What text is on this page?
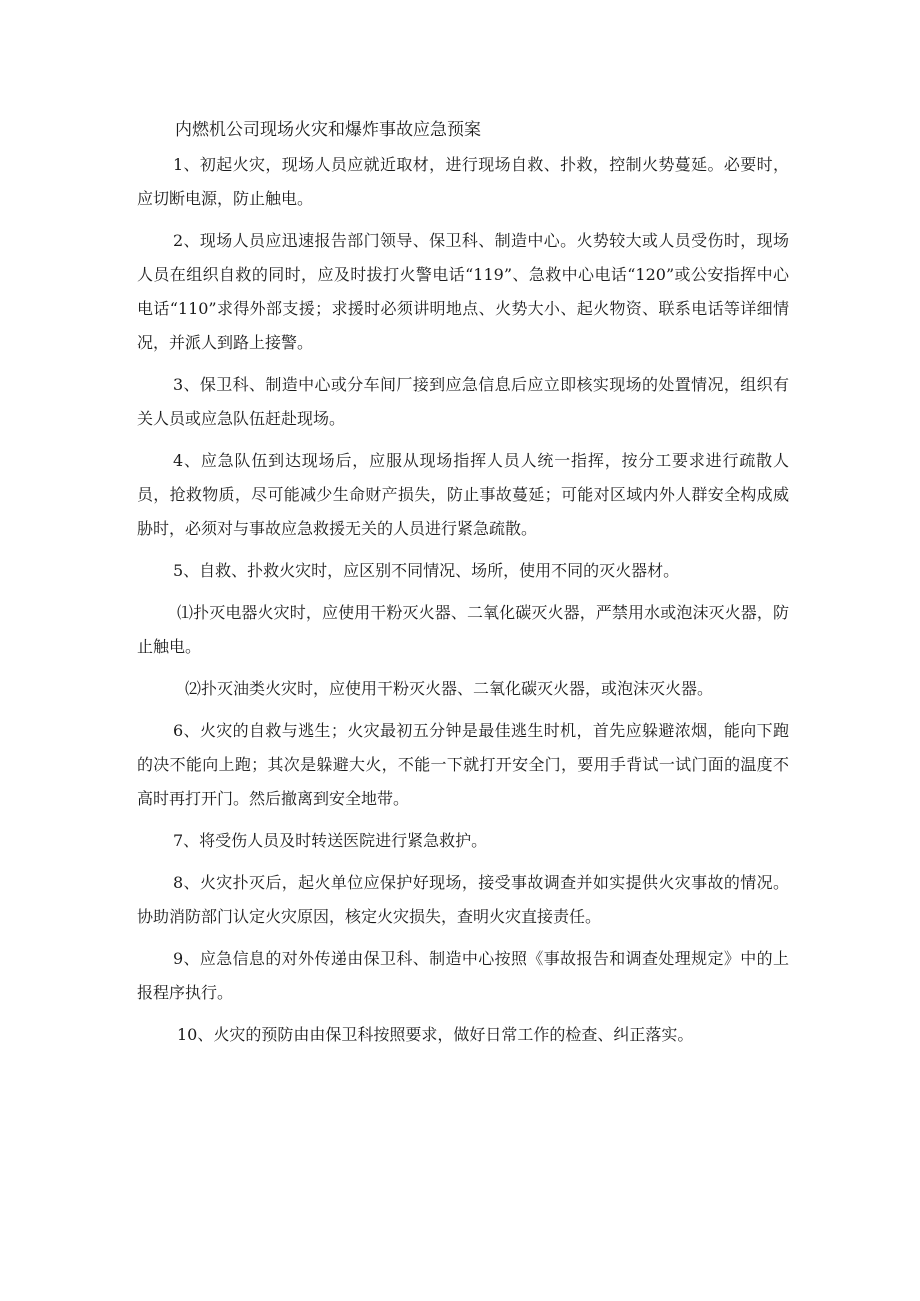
内燃机公司现场火灾和爆炸事故应急预案

1、初起火灾，现场人员应就近取材，进行现场自救、扑救，控制火势蔓延。必要时，应切断电源，防止触电。

2、现场人员应迅速报告部门领导、保卫科、制造中心。火势较大或人员受伤时，现场人员在组织自救的同时，应及时拔打火警电话“119”、急救中心电话“120”或公安指挥中心电话“110”求得外部支援；求援时必须讲明地点、火势大小、起火物资、联系电话等详细情况，并派人到路上接警。

3、保卫科、制造中心或分车间厂接到应急信息后应立即核实现场的处置情况，组织有关人员或应急队伍赶赴现场。

4、应急队伍到达现场后，应服从现场指挥人员人统一指挥，按分工要求进行疏散人员，抢救物质，尽可能减少生命财产损失，防止事故蔓延；可能对区域内外人群安全构成威胁时，必须对与事故应急救援无关的人员进行紧急疏散。

5、自救、扑救火灾时，应区别不同情况、场所，使用不同的灭火器材。

⑴扑灭电器火灾时，应使用干粉灭火器、二氧化碳灭火器，严禁用水或泡沫灭火器，防止触电。

⑵扑灭油类火灾时，应使用干粉灭火器、二氧化碳灭火器，或泡沫灭火器。

6、火灾的自救与逃生；火灾最初五分钟是最佳逃生时机，首先应躲避浓烟，能向下跑的决不能向上跑；其次是躲避大火，不能一下就打开安全门，要用手背试一试门面的温度不高时再打开门。然后撤离到安全地带。

7、将受伤人员及时转送医院进行紧急救护。

8、火灾扑灭后，起火单位应保护好现场，接受事故调查并如实提供火灾事故的情况。协助消防部门认定火灾原因，核定火灾损失，查明火灾直接责任。

9、应急信息的对外传递由保卫科、制造中心按照《事故报告和调查处理规定》中的上报程序执行。

10、火灾的预防由由保卫科按照要求，做好日常工作的检查、纠正落实。
